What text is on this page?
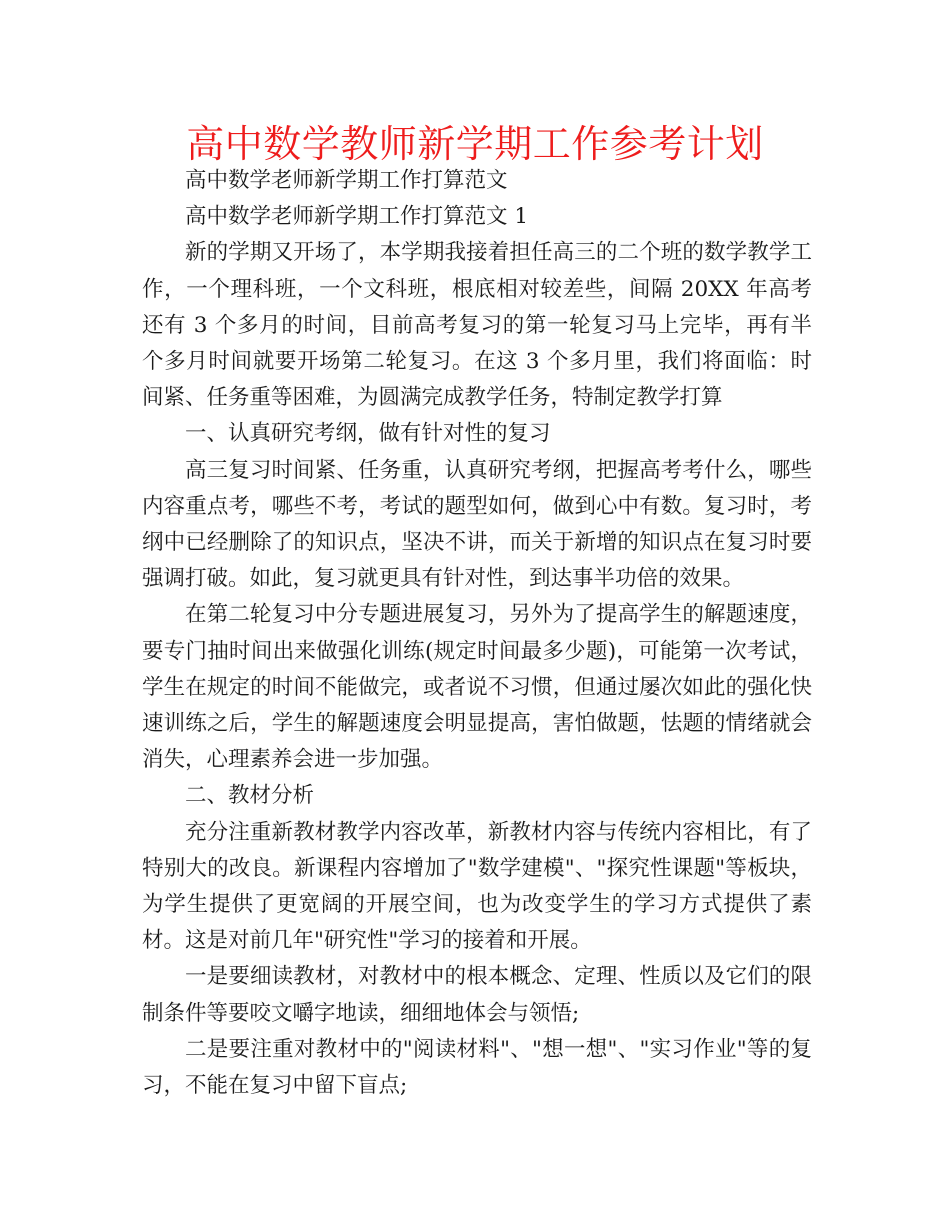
高中数学教师新学期工作参考计划

高中数学老师新学期工作打算范文

高中数学老师新学期工作打算范文 1

新的学期又开场了，本学期我接着担任高三的二个班的数学教学工作，一个理科班，一个文科班，根底相对较差些，间隔 20XX 年高考还有 3 个多月的时间，目前高考复习的第一轮复习马上完毕，再有半个多月时间就要开场第二轮复习。在这 3 个多月里，我们将面临：时间紧、任务重等困难，为圆满完成教学任务，特制定教学打算

一、认真研究考纲，做有针对性的复习

高三复习时间紧、任务重，认真研究考纲，把握高考考什么，哪些内容重点考，哪些不考，考试的题型如何，做到心中有数。复习时，考纲中已经删除了的知识点，坚决不讲，而关于新增的知识点在复习时要强调打破。如此，复习就更具有针对性，到达事半功倍的效果。

在第二轮复习中分专题进展复习，另外为了提高学生的解题速度，要专门抽时间出来做强化训练(规定时间最多少题)，可能第一次考试，学生在规定的时间不能做完，或者说不习惯，但通过屡次如此的强化快速训练之后，学生的解题速度会明显提高，害怕做题，怯题的情绪就会消失，心理素养会进一步加强。

二、教材分析

充分注重新教材教学内容改革，新教材内容与传统内容相比，有了特别大的改良。新课程内容增加了"数学建模"、"探究性课题"等板块，为学生提供了更宽阔的开展空间，也为改变学生的学习方式提供了素材。这是对前几年"研究性"学习的接着和开展。

一是要细读教材，对教材中的根本概念、定理、性质以及它们的限制条件等要咬文嚼字地读，细细地体会与领悟;

二是要注重对教材中的"阅读材料"、"想一想"、"实习作业"等的复习，不能在复习中留下盲点;
